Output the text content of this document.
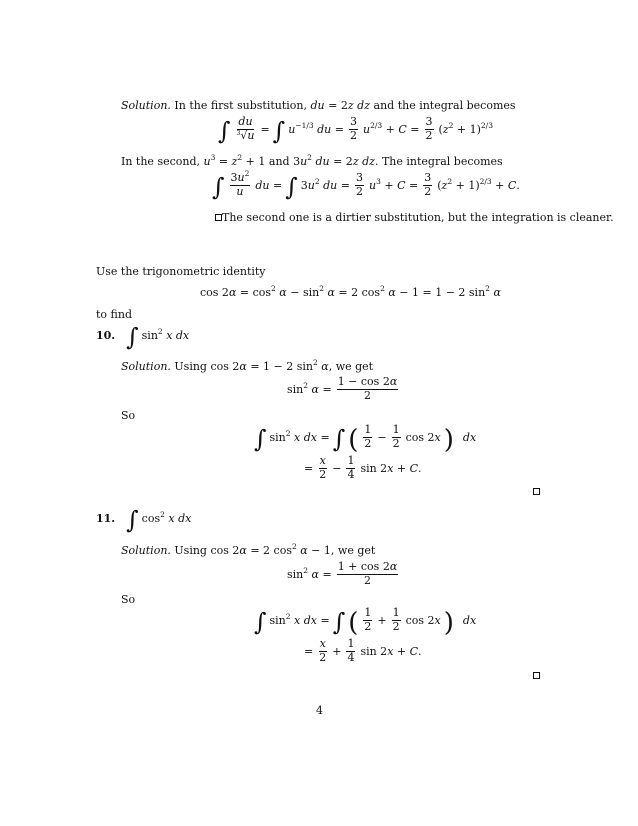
Solution. In the first substitution, du = 2z dz and the integral becomes
∫ $\frac{du}{^3√u}$ = ∫ $u^{-1/3}$ du = $\frac{3}{2} u^{2/3} + C = \frac{3}{2} (z^2 + 1)^{2/3}$
In the second, $u^3 = z^2 + 1$ and $3u^2$ du = 2z dz. The integral becomes
∫ $\frac{3u^2}{u}$ du = ∫ $3u^2$ du = $\frac{3}{2} u^3 + C = \frac{3}{2} (z^2 + 1)^{2/3} + C$.
The second one is a dirtier substitution, but the integration is cleaner.
Use the trigonometric identity
$\cos 2\alpha = \cos^2 \alpha - \sin^2 \alpha = 2$ $\cos^2 \alpha - 1 = 1 - 2$ $\sin^2 \alpha$
to find
10. ∫ $\sin^2 x$ dx
Solution. Using cos 2α = 1 − 2 $\sin^2 \alpha$, we get
$\sin^2 \alpha = \frac{1 - \cos 2\alpha}{2}$
So
∫ $\sin^2 x$ dx = ∫ ( $\frac{1}{2} - \frac{1}{2}$ cos 2x ) dx
= $\frac{x}{2} - \frac{1}{4}$ sin 2x + C.
11. ∫ $\cos^2 x$ dx
Solution. Using cos 2α = 2 $\cos^2 \alpha - 1$, we get
$\sin^2 \alpha = \frac{1 + \cos 2\alpha}{2}$
So
∫ $\sin^2 x$ dx = ∫ ( $\frac{1}{2} + \frac{1}{2}$ cos 2x ) dx
= $\frac{x}{2} + \frac{1}{4}$ sin 2x + C.
4
